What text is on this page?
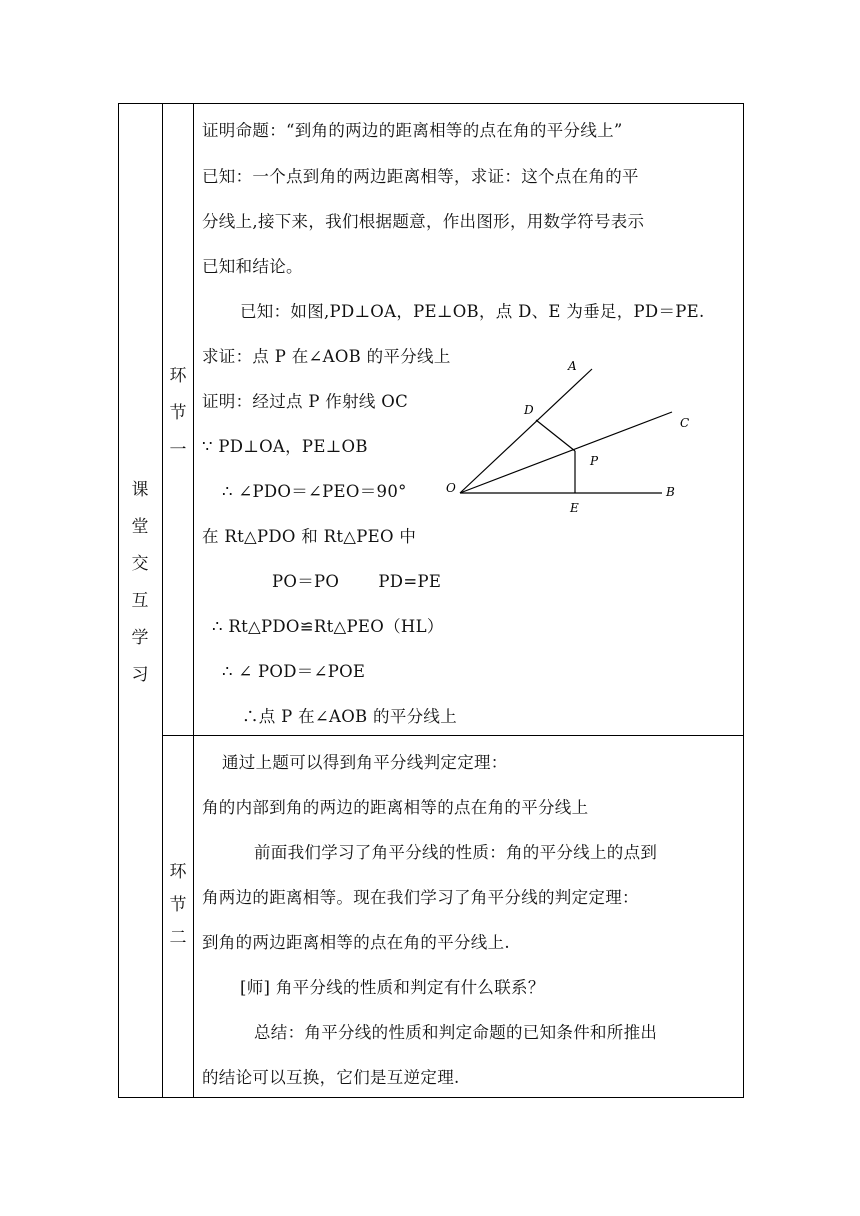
课
堂
交
互
学
习
环
节
一
环
节
二
证明命题：“到角的两边的距离相等的点在角的平分线上”
已知：一个点到角的两边距离相等，求证：这个点在角的平
分线上,接下来，我们根据题意，作出图形，用数学符号表示
已知和结论。
已知：如图,PD⊥OA，PE⊥OB，点 D、E 为垂足，PD＝PE.
求证：点 P 在∠AOB 的平分线上
证明：经过点 P 作射线 OC
∵ PD⊥OA，PE⊥OB
∴ ∠PDO＝∠PEO＝90°
在 Rt△PDO 和 Rt△PEO 中
PO＝PO　　 PD=PE
∴ Rt△PDO≌Rt△PEO（HL）
∴ ∠ POD＝∠POE
∴点 P 在∠AOB 的平分线上
A
D
C
P
O	B
E
通过上题可以得到角平分线判定定理：
角的内部到角的两边的距离相等的点在角的平分线上
前面我们学习了角平分线的性质：角的平分线上的点到
角两边的距离相等。现在我们学习了角平分线的判定定理：
到角的两边距离相等的点在角的平分线上.
[师] 角平分线的性质和判定有什么联系？
总结：角平分线的性质和判定命题的已知条件和所推出
的结论可以互换，它们是互逆定理.
